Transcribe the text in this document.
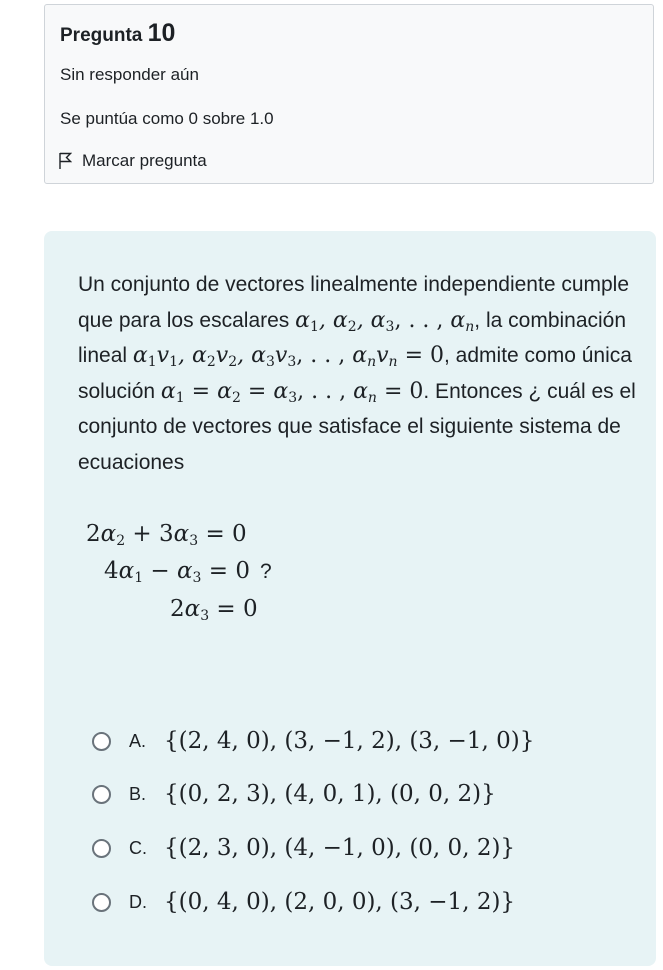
Pregunta 10
Sin responder aún
Se puntúa como 0 sobre 1.0
Marcar pregunta

Un conjunto de vectores linealmente independiente cumple que para los escalares $\alpha_1$, $\alpha_2$, $\alpha_3$, . . , $\alpha_n$, la combinación lineal $\alpha_1v_1$, $\alpha_2v_2$, $\alpha_3v_3$, . . , $\alpha_nv_n = 0$, admite como única solución $\alpha_1 = \alpha_2 = \alpha_3$, . . , $\alpha_n = 0$. Entonces ¿ cuál es el conjunto de vectores que satisface el siguiente sistema de ecuaciones

$2\alpha_2 + 3\alpha_3 = 0$
$4\alpha_1 - \alpha_3 = 0$ ?
$2\alpha_3 = 0$
A. {(2, 4, 0), (3, −1, 2), (3, −1, 0)}
B. {(0, 2, 3), (4, 0, 1), (0, 0, 2)}
C. {(2, 3, 0), (4, −1, 0), (0, 0, 2)}
D. {(0, 4, 0), (2, 0, 0), (3, −1, 2)}
